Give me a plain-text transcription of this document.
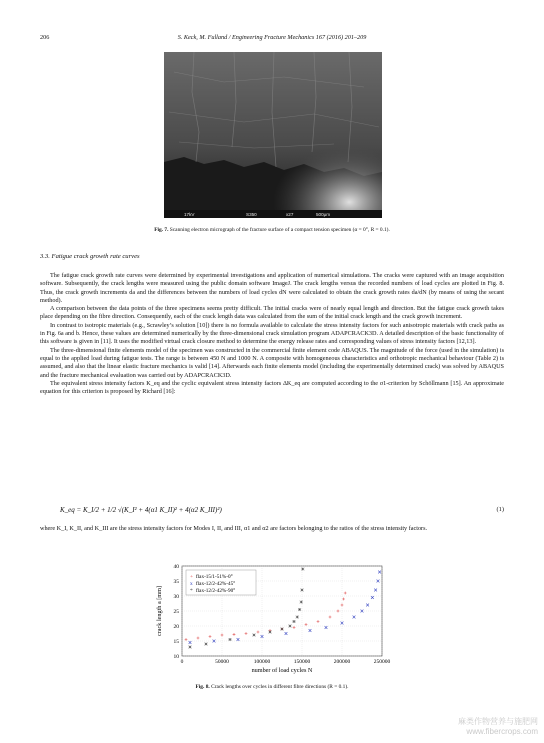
206	S. Keck, M. Fulland / Engineering Fracture Mechanics 167 (2016) 201–209
17kV	S350	x27	500μm
Fig. 7. Scanning electron micrograph of the fracture surface of a compact tension specimen (α = 0°, R = 0.1).
3.3. Fatigue crack growth rate curves

The fatigue crack growth rate curves were determined by experimental investigations and application of numerical simulations. The cracks were captured with an image acquisition software. Subsequently, the crack lengths were measured using the public domain software ImageJ. The crack lengths versus the recorded numbers of load cycles are plotted in Fig. 8. Thus, the crack growth increments da and the differences between the numbers of load cycles dN were calculated to obtain the crack growth rates da/dN (by means of using the secant method).

A comparison between the data points of the three specimens seems pretty difficult. The initial cracks were of nearly equal length and direction. But the fatigue crack growth takes place depending on the fibre direction. Consequently, each of the crack length data was calculated from the sum of the initial crack length and the crack growth increment.

In contrast to isotropic materials (e.g., Scrawley’s solution [10]) there is no formula available to calculate the stress intensity factors for such anisotropic materials with crack paths as in Fig. 6a and b. Hence, these values are determined numerically by the three-dimensional crack simulation program ADAPCRACK3D. A detailed description of the basic functionality of this software is given in [11]. It uses the modified virtual crack closure method to determine the energy release rates and corresponding values of stress intensity factors [12,13].

The three-dimensional finite elements model of the specimen was constructed in the commercial finite element code ABAQUS. The magnitude of the force (used in the simulation) is equal to the applied load during fatigue tests. The range is between 450 N and 1000 N. A composite with homogeneous characteristics and orthotropic mechanical behaviour (Table 2) is assumed, and also that the linear elastic fracture mechanics is valid [14]. Afterwards each finite elements model (including the experimentally determined crack) was solved by ABAQUS and the fracture mechanical evaluation was carried out by ADAPCRACK3D.

The equivalent stress intensity factors K_eq and the cyclic equivalent stress intensity factors ΔK_eq are computed according to the σ1-criterion by Schöllmann [15]. An approximate equation for this criterion is proposed by Richard [16]:

K_eq = K_I/2 + 1/2 √(K_I² + 4(α1 K_II)² + 4(α2 K_III)²)	(1)

where K_I, K_II, and K_III are the stress intensity factors for Modes I, II, and III, α1 and α2 are factors belonging to the ratios of the stress intensity factors.

10
15
20
25
30
35
40
0	50000	100000	150000	200000	250000
number of load cycles N
crack length a [mm]
+ flax-15/1-51%-0°
x flax-12/2-42%-45°
* flax-12/2-42%-90°
Fig. 8. Crack lengths over cycles in different fibre directions (R = 0.1).
麻类作物营养与施肥网
www.fibercrops.com
